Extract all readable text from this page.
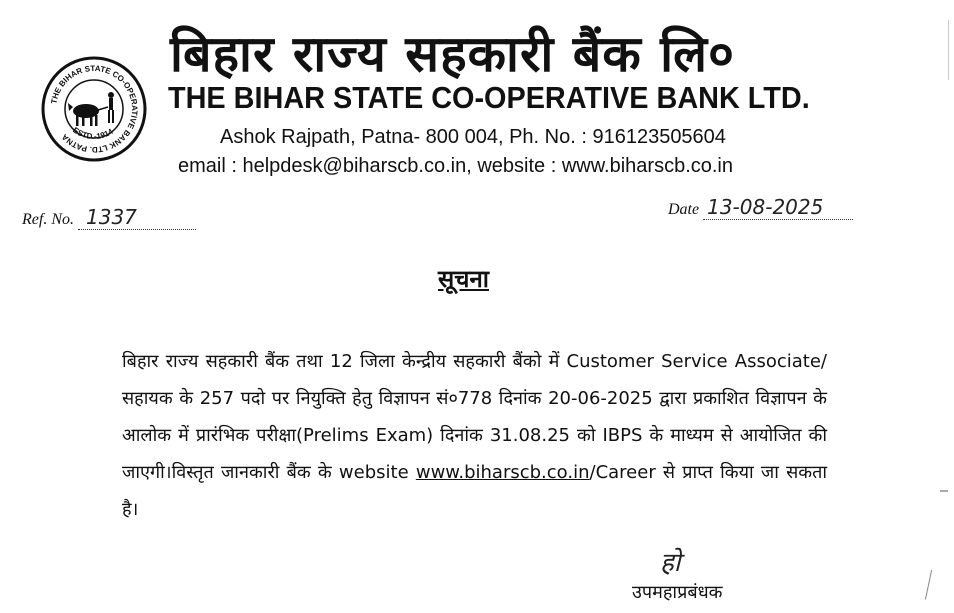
THE BIHAR STATE CO-OPERATIVE BANK LTD. PATNA
ESTD.-1914-
बिहार राज्य सहकारी बैंक लि०
THE BIHAR STATE CO-OPERATIVE BANK LTD.
Ashok Rajpath, Patna- 800 004, Ph. No. : 916123505604
email : helpdesk@biharscb.co.in, website : www.biharscb.co.in
Ref. No. 1337	Date 13-08-2025
सूचना
बिहार राज्य सहकारी बैंक तथा 12 जिला केन्द्रीय सहकारी बैंको में Customer Service Associate/सहायक के 257 पदो पर नियुक्ति हेतु विज्ञापन सं०778 दिनांक 20-06-2025 द्वारा प्रकाशित विज्ञापन के आलोक में प्रारंभिक परीक्षा(Prelims Exam) दिनांक 31.08.25 को IBPS के माध्यम से आयोजित की जाएगी।विस्तृत जानकारी बैंक के website www.biharscb.co.in/Career से प्राप्त किया जा सकता है।
हो
उपमहाप्रबंधक
